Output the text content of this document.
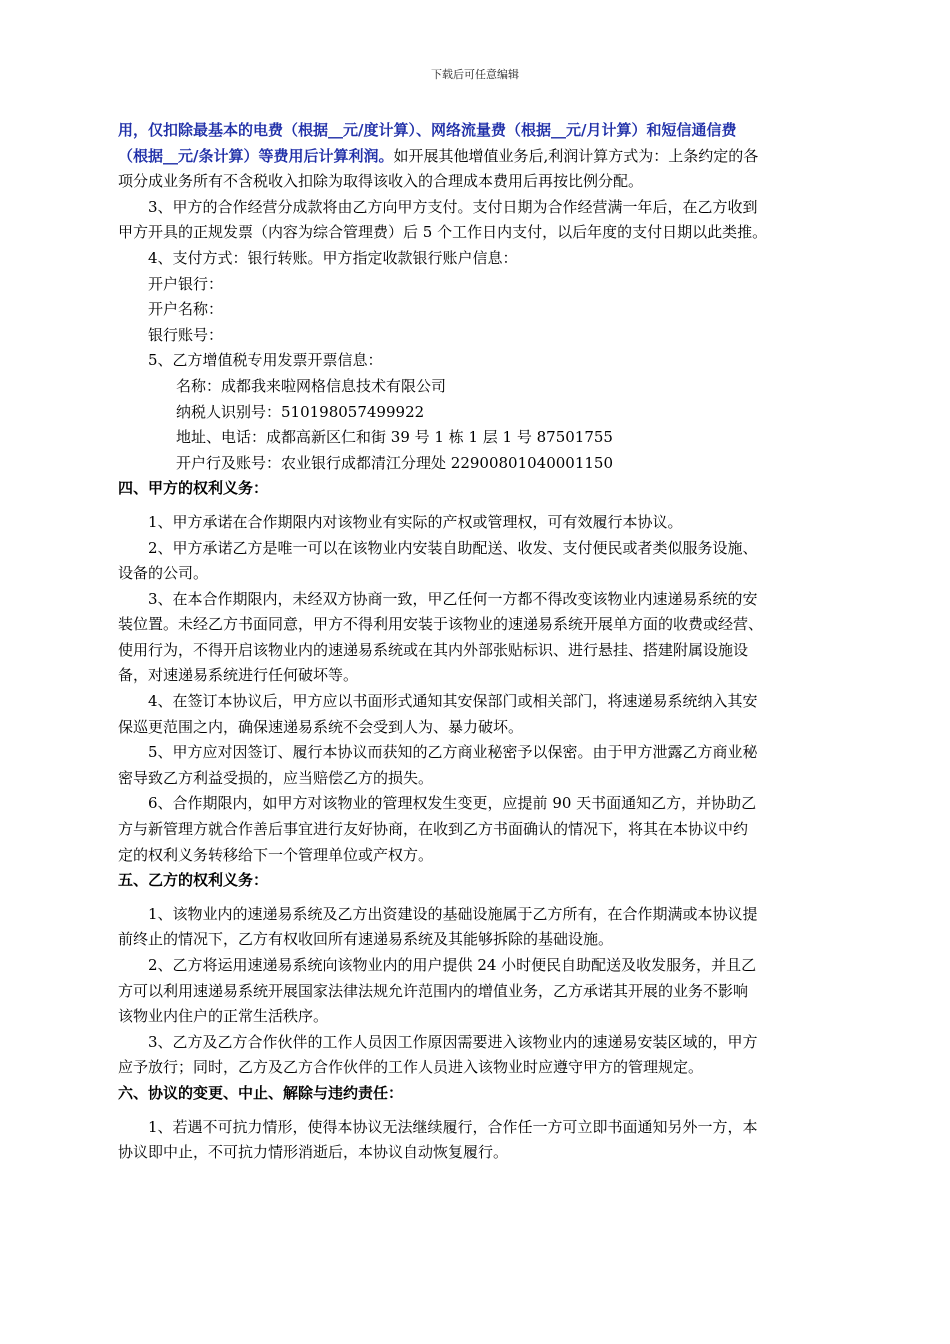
下载后可任意编辑
用，仅扣除最基本的电费（根据__元/度计算）、网络流量费（根据__元/月计算）和短信通信费
（根据__元/条计算）等费用后计算利润。如开展其他增值业务后,利润计算方式为：上条约定的各
项分成业务所有不含税收入扣除为取得该收入的合理成本费用后再按比例分配。
3、甲方的合作经营分成款将由乙方向甲方支付。支付日期为合作经营满一年后，在乙方收到
甲方开具的正规发票（内容为综合管理费）后 5 个工作日内支付，以后年度的支付日期以此类推。
4、支付方式：银行转账。甲方指定收款银行账户信息：
开户银行：
开户名称：
银行账号：
5、乙方增值税专用发票开票信息：
名称：成都我来啦网格信息技术有限公司
纳税人识别号：510198057499922
地址、电话：成都高新区仁和街 39 号 1 栋 1 层 1 号 87501755
开户行及账号：农业银行成都清江分理处 22900801040001150
四、甲方的权利义务：
1、甲方承诺在合作期限内对该物业有实际的产权或管理权，可有效履行本协议。
2、甲方承诺乙方是唯一可以在该物业内安装自助配送、收发、支付便民或者类似服务设施、
设备的公司。
3、在本合作期限内，未经双方协商一致，甲乙任何一方都不得改变该物业内速递易系统的安
装位置。未经乙方书面同意，甲方不得利用安装于该物业的速递易系统开展单方面的收费或经营、
使用行为，不得开启该物业内的速递易系统或在其内外部张贴标识、进行悬挂、搭建附属设施设
备，对速递易系统进行任何破坏等。
4、在签订本协议后，甲方应以书面形式通知其安保部门或相关部门，将速递易系统纳入其安
保巡更范围之内，确保速递易系统不会受到人为、暴力破坏。
5、甲方应对因签订、履行本协议而获知的乙方商业秘密予以保密。由于甲方泄露乙方商业秘
密导致乙方利益受损的，应当赔偿乙方的损失。
6、合作期限内，如甲方对该物业的管理权发生变更，应提前 90 天书面通知乙方，并协助乙
方与新管理方就合作善后事宜进行友好协商，在收到乙方书面确认的情况下，将其在本协议中约
定的权利义务转移给下一个管理单位或产权方。
五、乙方的权利义务：
1、该物业内的速递易系统及乙方出资建设的基础设施属于乙方所有，在合作期满或本协议提
前终止的情况下，乙方有权收回所有速递易系统及其能够拆除的基础设施。
2、乙方将运用速递易系统向该物业内的用户提供 24 小时便民自助配送及收发服务，并且乙
方可以利用速递易系统开展国家法律法规允许范围内的增值业务，乙方承诺其开展的业务不影响
该物业内住户的正常生活秩序。
3、乙方及乙方合作伙伴的工作人员因工作原因需要进入该物业内的速递易安装区域的，甲方
应予放行；同时，乙方及乙方合作伙伴的工作人员进入该物业时应遵守甲方的管理规定。
六、协议的变更、中止、解除与违约责任：
1、若遇不可抗力情形，使得本协议无法继续履行，合作任一方可立即书面通知另外一方，本
协议即中止，不可抗力情形消逝后，本协议自动恢复履行。
